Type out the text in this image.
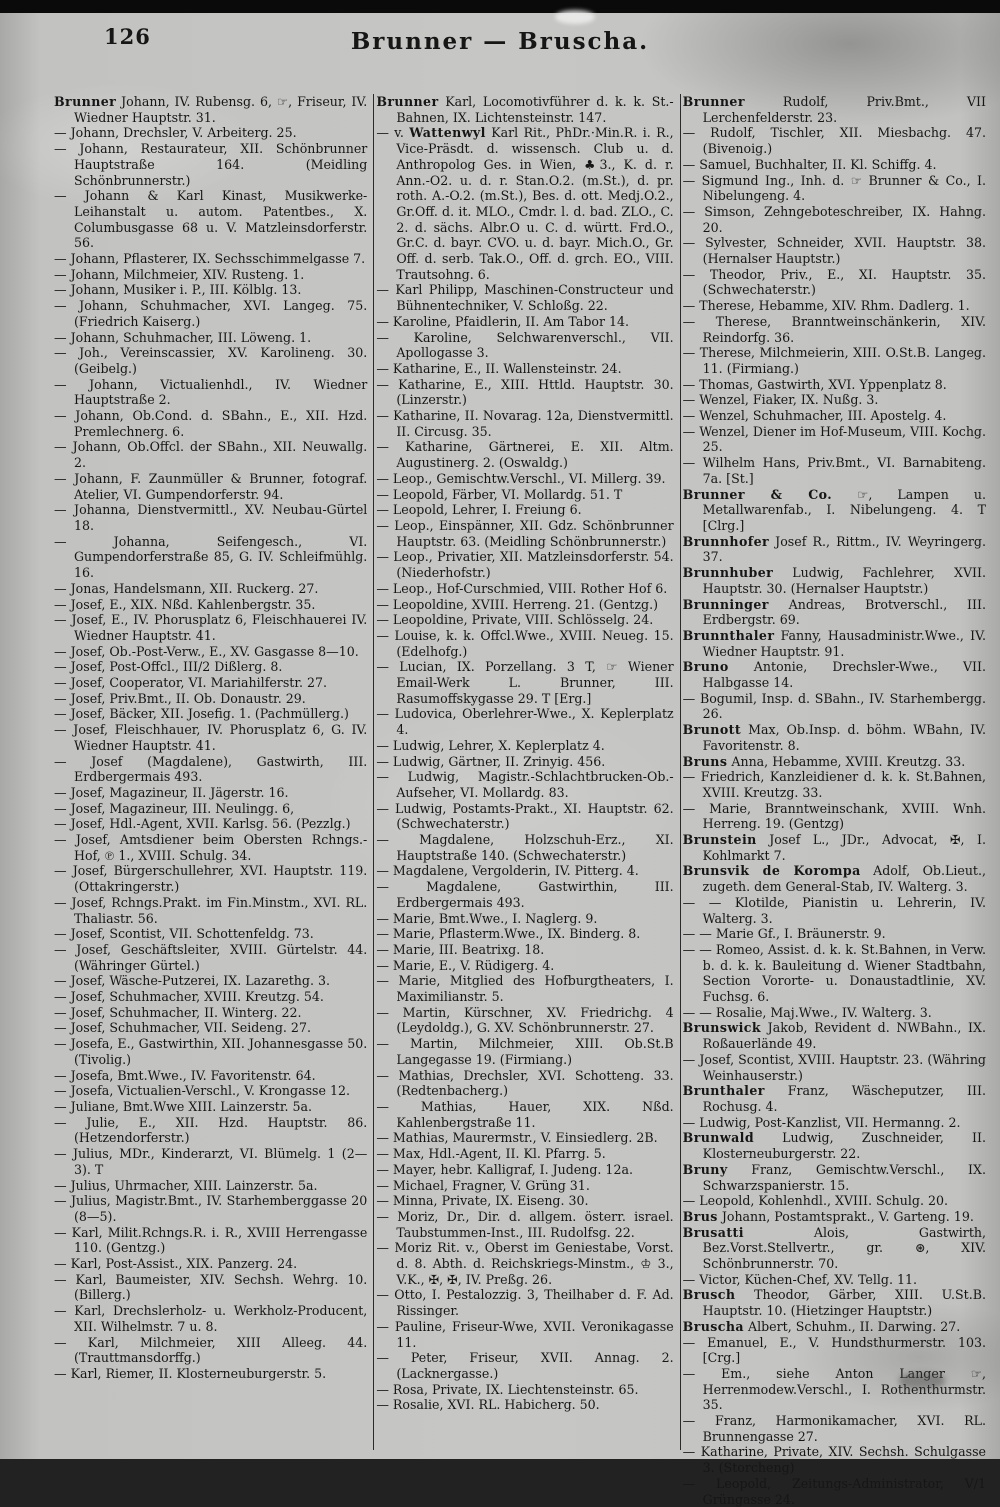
126	Brunner — Bruscha.
Brunner Johann, IV. Rubensg. 6, ☞, Friseur, IV. Wiedner Hauptstr. 31.
— Johann, Drechsler, V. Arbeiterg. 25.
— Johann, Restaurateur, XII. Schönbrunner Hauptstraße 164. (Meidling Schönbrunnerstr.)
— Johann & Karl Kinast, Musikwerke-Leihanstalt u. autom. Patentbes., X. Columbusgasse 68 u. V. Matzleinsdorferstr. 56.
— Johann, Pflasterer, IX. Sechsschimmelgasse 7.
— Johann, Milchmeier, XIV. Rusteng. 1.
— Johann, Musiker i. P., III. Kölblg. 13.
— Johann, Schuhmacher, XVI. Langeg. 75. (Friedrich Kaiserg.)
— Johann, Schuhmacher, III. Löweng. 1.
— Joh., Vereinscassier, XV. Karolineng. 30. (Geibelg.)
— Johann, Victualienhdl., IV. Wiedner Hauptstraße 2.
— Johann, Ob.Cond. d. SBahn., E., XII. Hzd. Premlechnerg. 6.
— Johann, Ob.Offcl. der SBahn., XII. Neuwallg. 2.
— Johann, F. Zaunmüller & Brunner, fotograf. Atelier, VI. Gumpendorferstr. 94.
— Johanna, Dienstvermittl., XV. Neubau-Gürtel 18.
— Johanna, Seifengesch., VI. Gumpendorferstraße 85, G. IV. Schleifmühlg. 16.
— Jonas, Handelsmann, XII. Ruckerg. 27.
— Josef, E., XIX. Nßd. Kahlenbergstr. 35.
— Josef, E., IV. Phorusplatz 6, Fleischhauerei IV. Wiedner Hauptstr. 41.
— Josef, Ob.-Post-Verw., E., XV. Gasgasse 8—10.
— Josef, Post-Offcl., III/2 Dißlerg. 8.
— Josef, Cooperator, VI. Mariahilferstr. 27.
— Josef, Priv.Bmt., II. Ob. Donaustr. 29.
— Josef, Bäcker, XII. Josefig. 1. (Pachmüllerg.)
— Josef, Fleischhauer, IV. Phorusplatz 6, G. IV. Wiedner Hauptstr. 41.
— Josef (Magdalene), Gastwirth, III. Erdbergermais 493.
— Josef, Magazineur, II. Jägerstr. 16.
— Josef, Magazineur, III. Neulingg. 6,
— Josef, Hdl.-Agent, XVII. Karlsg. 56. (Pezzlg.)
— Josef, Amtsdiener beim Obersten Rchngs.-Hof, ℗ 1., XVIII. Schulg. 34.
— Josef, Bürgerschullehrer, XVI. Hauptstr. 119. (Ottakringerstr.)
— Josef, Rchngs.Prakt. im Fin.Minstm., XVI. RL. Thaliastr. 56.
— Josef, Scontist, VII. Schottenfeldg. 73.
— Josef, Geschäftsleiter, XVIII. Gürtelstr. 44. (Währinger Gürtel.)
— Josef, Wäsche-Putzerei, IX. Lazarethg. 3.
— Josef, Schuhmacher, XVIII. Kreutzg. 54.
— Josef, Schuhmacher, II. Winterg. 22.
— Josef, Schuhmacher, VII. Seideng. 27.
— Josefa, E., Gastwirthin, XII. Johannesgasse 50. (Tivolig.)
— Josefa, Bmt.Wwe., IV. Favoritenstr. 64.
— Josefa, Victualien-Verschl., V. Krongasse 12.
— Juliane, Bmt.Wwe XIII. Lainzerstr. 5a.
— Julie, E., XII. Hzd. Hauptstr. 86. (Hetzendorferstr.)
— Julius, MDr., Kinderarzt, VI. Blümelg. 1 (2—3). T
— Julius, Uhrmacher, XIII. Lainzerstr. 5a.
— Julius, Magistr.Bmt., IV. Starhemberggasse 20 (8—5).
— Karl, Milit.Rchngs.R. i. R., XVIII Herrengasse 110. (Gentzg.)
— Karl, Post-Assist., XIX. Panzerg. 24.
— Karl, Baumeister, XIV. Sechsh. Wehrg. 10. (Billerg.)
— Karl, Drechslerholz- u. Werkholz-Producent, XII. Wilhelmstr. 7 u. 8.
— Karl, Milchmeier, XIII Alleeg. 44. (Trauttmansdorffg.)
— Karl, Riemer, II. Klosterneuburgerstr. 5.
Brunner Karl, Locomotivführer d. k. k. St.-Bahnen, IX. Lichtensteinstr. 147.
— v. Wattenwyl Karl Rit., PhDr.·Min.R. i. R., Vice-Präsdt. d. wissensch. Club u. d. Anthropolog Ges. in Wien, ♣3., K. d. r. Ann.-O2. u. d. r. Stan.O.2. (m.St.), d. pr. roth. A.-O.2. (m.St.), Bes. d. ott. Medj.O.2., Gr.Off. d. it. MLO., Cmdr. l. d. bad. ZLO., C. 2. d. sächs. Albr.O u. C. d. württ. Frd.O., Gr.C. d. bayr. CVO. u. d. bayr. Mich.O., Gr. Off. d. serb. Tak.O., Off. d. grch. EO., VIII. Trautsohng. 6.
— Karl Philipp, Maschinen-Constructeur und Bühnentechniker, V. Schloßg. 22.
— Karoline, Pfaidlerin, II. Am Tabor 14.
— Karoline, Selchwarenverschl., VII. Apollogasse 3.
— Katharine, E., II. Wallensteinstr. 24.
— Katharine, E., XIII. Httld. Hauptstr. 30. (Linzerstr.)
— Katharine, II. Novarag. 12a, Dienstvermittl. II. Circusg. 35.
— Katharine, Gärtnerei, E. XII. Altm. Augustinerg. 2. (Oswaldg.)
— Leop., Gemischtw.Verschl., VI. Millerg. 39.
— Leopold, Färber, VI. Mollardg. 51. T
— Leopold, Lehrer, I. Freiung 6.
— Leop., Einspänner, XII. Gdz. Schönbrunner Hauptstr. 63. (Meidling Schönbrunnerstr.)
— Leop., Privatier, XII. Matzleinsdorferstr. 54. (Niederhofstr.)
— Leop., Hof-Curschmied, VIII. Rother Hof 6.
— Leopoldine, XVIII. Herreng. 21. (Gentzg.)
— Leopoldine, Private, VIII. Schlösselg. 24.
— Louise, k. k. Offcl.Wwe., XVIII. Neueg. 15. (Edelhofg.)
— Lucian, IX. Porzellang. 3 T, ☞ Wiener Email-Werk L. Brunner, III. Rasumoffskygasse 29. T [Erg.]
— Ludovica, Oberlehrer-Wwe., X. Keplerplatz 4.
— Ludwig, Lehrer, X. Keplerplatz 4.
— Ludwig, Gärtner, II. Zrinyig. 456.
— Ludwig, Magistr.-Schlachtbrucken-Ob.-Aufseher, VI. Mollardg. 83.
— Ludwig, Postamts-Prakt., XI. Hauptstr. 62. (Schwechaterstr.)
— Magdalene, Holzschuh-Erz., XI. Hauptstraße 140. (Schwechaterstr.)
— Magdalene, Vergolderin, IV. Pitterg. 4.
— Magdalene, Gastwirthin, III. Erdbergermais 493.
— Marie, Bmt.Wwe., I. Naglerg. 9.
— Marie, Pflasterm.Wwe., IX. Binderg. 8.
— Marie, III. Beatrixg. 18.
— Marie, E., V. Rüdigerg. 4.
— Marie, Mitglied des Hofburgtheaters, I. Maximilianstr. 5.
— Martin, Kürschner, XV. Friedrichg. 4 (Leydoldg.), G. XV. Schönbrunnerstr. 27.
— Martin, Milchmeier, XIII. Ob.St.B Langegasse 19. (Firmiang.)
— Mathias, Drechsler, XVI. Schotteng. 33. (Redtenbacherg.)
— Mathias, Hauer, XIX. Nßd. Kahlenbergstraße 11.
— Mathias, Maurermstr., V. Einsiedlerg. 2B.
— Max, Hdl.-Agent, II. Kl. Pfarrg. 5.
— Mayer, hebr. Kalligraf, I. Judeng. 12a.
— Michael, Fragner, V. Grüng 31.
— Minna, Private, IX. Eiseng. 30.
— Moriz, Dr., Dir. d. allgem. österr. israel. Taubstummen-Inst., III. Rudolfsg. 22.
— Moriz Rit. v., Oberst im Geniestabe, Vorst. d. 8. Abth. d. Reichskriegs-Minstm., ♔ 3., V.K., ✠, ✠, IV. Preßg. 26.
— Otto, I. Pestalozzig. 3, Theilhaber d. F. Ad. Rissinger.
— Pauline, Friseur-Wwe, XVII. Veronikagasse 11.
— Peter, Friseur, XVII. Annag. 2. (Lacknergasse.)
— Rosa, Private, IX. Liechtensteinstr. 65.
— Rosalie, XVI. RL. Habicherg. 50.
Brunner	Rudolf, Priv.Bmt., VII Lerchenfelderstr. 23.
— Rudolf, Tischler, XII. Miesbachg. 47. (Bivenoig.)
— Samuel, Buchhalter, II. Kl. Schiffg. 4.
— Sigmund Ing., Inh. d. ☞ Brunner & Co., I. Nibelungeng. 4.
— Simson, Zehngeboteschreiber, IX. Hahng. 20.
— Sylvester, Schneider, XVII. Hauptstr. 38. (Hernalser Hauptstr.)
— Theodor, Priv., E., XI. Hauptstr. 35. (Schwechaterstr.)
— Therese, Hebamme, XIV. Rhm. Dadlerg. 1.
— Therese, Branntweinschänkerin, XIV. Reindorfg. 36.
— Therese, Milchmeierin, XIII. O.St.B. Langeg. 11. (Firmiang.)
— Thomas, Gastwirth, XVI. Yppenplatz 8.
— Wenzel, Fiaker, IX. Nußg. 3.
— Wenzel, Schuhmacher, III. Apostelg. 4.
— Wenzel, Diener im Hof-Museum, VIII. Kochg. 25.
— Wilhelm Hans, Priv.Bmt., VI. Barnabiteng. 7a. [St.]
Brunner & Co. ☞, Lampen u. Metallwarenfab., I. Nibelungeng. 4. T [Clrg.]
Brunnhofer Josef R., Rittm., IV. Weyringerg. 37.
Brunnhuber Ludwig, Fachlehrer, XVII. Hauptstr. 30. (Hernalser Hauptstr.)
Brunninger Andreas, Brotverschl., III. Erdbergstr. 69.
Brunnthaler Fanny, Hausadministr.Wwe., IV. Wiedner Hauptstr. 91.
Bruno Antonie, Drechsler-Wwe., VII. Halbgasse 14.
— Bogumil, Insp. d. SBahn., IV. Starhembergg. 26.
Brunott Max, Ob.Insp. d. böhm. WBahn, IV. Favoritenstr. 8.
Bruns Anna, Hebamme, XVIII. Kreutzg. 33.
— Friedrich, Kanzleidiener d. k. k. St.Bahnen, XVIII. Kreutzg. 33.
— Marie, Branntweinschank, XVIII. Wnh. Herreng. 19. (Gentzg)
Brunstein Josef L., JDr., Advocat, ✠, I. Kohlmarkt 7.
Brunsvik de Korompa Adolf, Ob.Lieut., zugeth. dem General-Stab, IV. Walterg. 3.
— — Klotilde, Pianistin u. Lehrerin, IV. Walterg. 3.
— — Marie Gf., I. Bräunerstr. 9.
— — Romeo, Assist. d. k. k. St.Bahnen, in Verw. b. d. k. k. Bauleitung d. Wiener Stadtbahn, Section Vororte- u. Donaustadtlinie, XV. Fuchsg. 6.
— — Rosalie, Maj.Wwe., IV. Walterg. 3.
Brunswick Jakob, Revident d. NWBahn., IX. Roßauerlände 49.
— Josef, Scontist, XVIII. Hauptstr. 23. (Währing Weinhauserstr.)
Brunthaler Franz, Wäscheputzer, III. Rochusg. 4.
— Ludwig, Post-Kanzlist, VII. Hermanng. 2.
Brunwald Ludwig, Zuschneider, II. Klosterneuburgerstr. 22.
Bruny Franz, Gemischtw.Verschl., IX. Schwarzspanierstr. 15.
— Leopold, Kohlenhdl., XVIII. Schulg. 20.
Brus Johann, Postamtsprakt., V. Garteng. 19.
Brusatti	Alois, Gastwirth, Bez.Vorst.Stellvertr., gr. ⊛, XIV. Schönbrunnerstr. 70.
— Victor, Küchen-Chef, XV. Tellg. 11.
Brusch Theodor, Gärber, XIII. U.St.B. Hauptstr. 10. (Hietzinger Hauptstr.)
Bruscha Albert, Schuhm., II. Darwing. 27.
— Emanuel, E., V. Hundsthurmerstr. 103. [Crg.]
— Em., siehe Anton Langer ☞, Herrenmodew.Verschl., I. Rothenthurmstr. 35.
— Franz, Harmonikamacher, XVI. RL. Brunnengasse 27.
— Katharine, Private, XIV. Sechsh. Schulgasse 3. (Storcheng)
— Leopold, Zeitungs-Administrator, V/1 Grüngasse 24.
